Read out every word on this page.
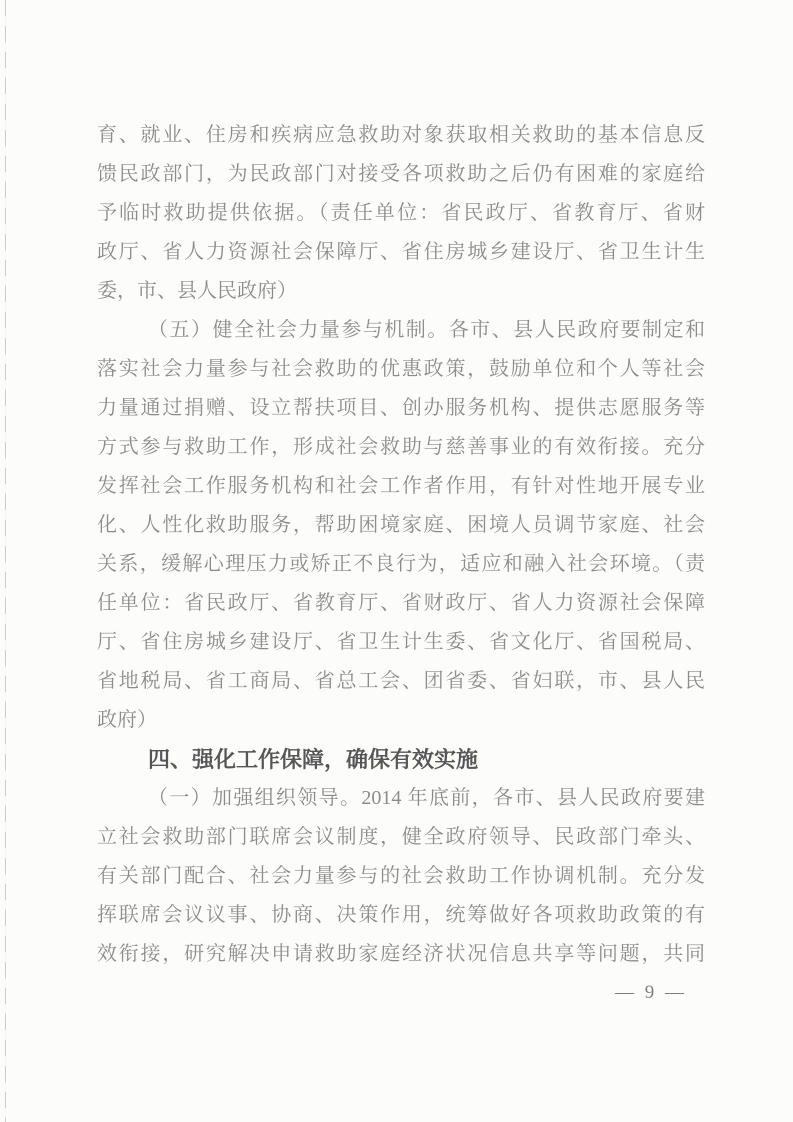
育、就业、住房和疾病应急救助对象获取相关救助的基本信息反
馈民政部门，为民政部门对接受各项救助之后仍有困难的家庭给
予临时救助提供依据。（责任单位：省民政厅、省教育厅、省财
政厅、省人力资源社会保障厅、省住房城乡建设厅、省卫生计生
委，市、县人民政府）
（五）健全社会力量参与机制。各市、县人民政府要制定和
落实社会力量参与社会救助的优惠政策，鼓励单位和个人等社会
力量通过捐赠、设立帮扶项目、创办服务机构、提供志愿服务等
方式参与救助工作，形成社会救助与慈善事业的有效衔接。充分
发挥社会工作服务机构和社会工作者作用，有针对性地开展专业
化、人性化救助服务，帮助困境家庭、困境人员调节家庭、社会
关系，缓解心理压力或矫正不良行为，适应和融入社会环境。（责
任单位：省民政厅、省教育厅、省财政厅、省人力资源社会保障
厅、省住房城乡建设厅、省卫生计生委、省文化厅、省国税局、
省地税局、省工商局、省总工会、团省委、省妇联，市、县人民
政府）
四、强化工作保障，确保有效实施
（一）加强组织领导。2014 年底前，各市、县人民政府要建
立社会救助部门联席会议制度，健全政府领导、民政部门牵头、
有关部门配合、社会力量参与的社会救助工作协调机制。充分发
挥联席会议议事、协商、决策作用，统筹做好各项救助政策的有
效衔接，研究解决申请救助家庭经济状况信息共享等问题，共同
— 9 —
